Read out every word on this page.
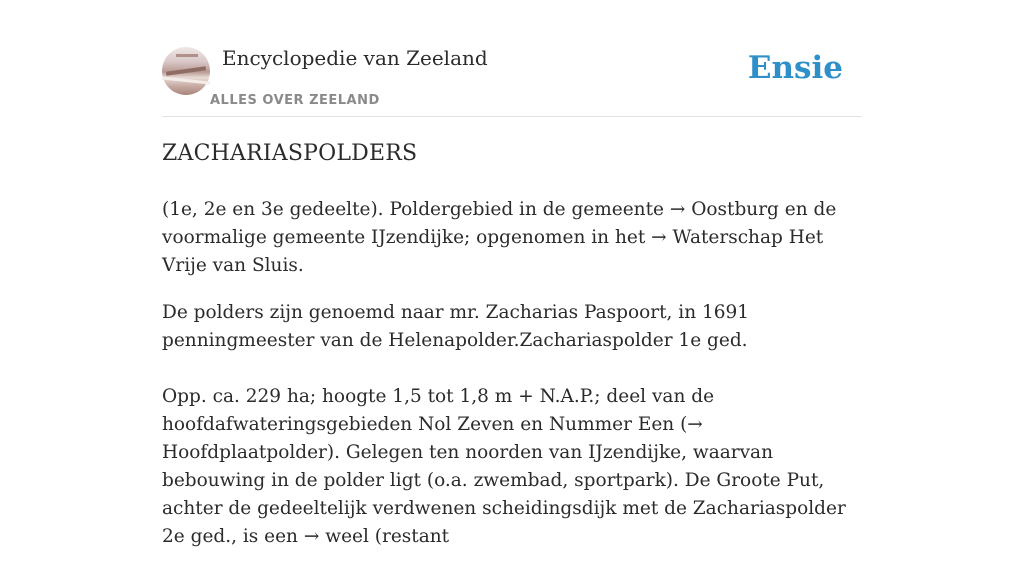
Encyclopedie van Zeeland
ALLES OVER ZEELAND
Ensie
ZACHARIASPOLDERS

(1e, 2e en 3e gedeelte). Poldergebied in de gemeente → Oostburg en de voormalige gemeente IJzendijke; opgenomen in het → Waterschap Het Vrije van Sluis.

De polders zijn genoemd naar mr. Zacharias Paspoort, in 1691 penningmeester van de Helenapolder.Zachariaspolder 1e ged.

Opp. ca. 229 ha; hoogte 1,5 tot 1,8 m + N.A.P.; deel van de hoofdafwateringsgebieden Nol Zeven en Nummer Een (→ Hoofdplaatpolder). Gelegen ten noorden van IJzendijke, waarvan bebouwing in de polder ligt (o.a. zwembad, sportpark). De Groote Put, achter de gedeeltelijk verdwenen scheidingsdijk met de Zachariaspolder 2e ged., is een → weel (restant
